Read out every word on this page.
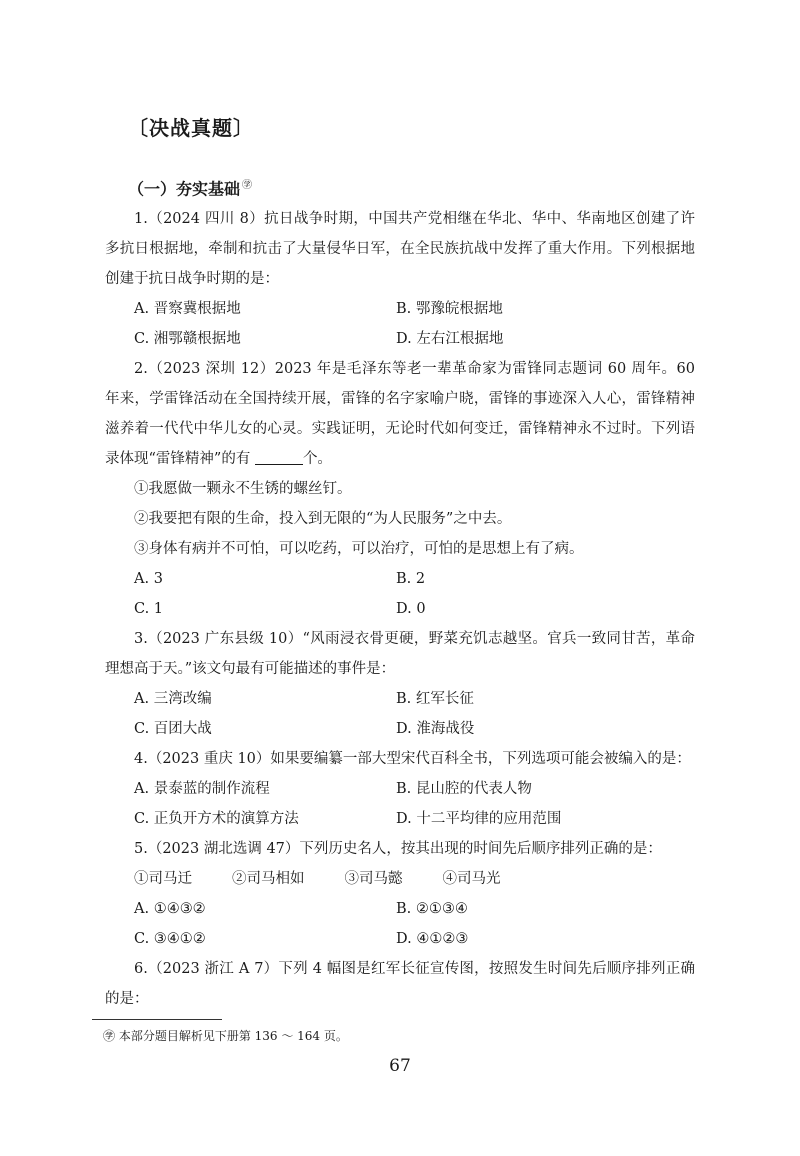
〔决战真题〕
（一）夯实基础 ㊫

1.（2024 四川 8）抗日战争时期，中国共产党相继在华北、华中、华南地区创建了许多抗日根据地，牵制和抗击了大量侵华日军，在全民族抗战中发挥了重大作用。下列根据地创建于抗日战争时期的是：

A. 晋察冀根据地	B. 鄂豫皖根据地
C. 湘鄂赣根据地	D. 左右江根据地

2.（2023 深圳 12）2023 年是毛泽东等老一辈革命家为雷锋同志题词 60 周年。60 年来，学雷锋活动在全国持续开展，雷锋的名字家喻户晓，雷锋的事迹深入人心，雷锋精神滋养着一代代中华儿女的心灵。实践证明，无论时代如何变迁，雷锋精神永不过时。下列语录体现“雷锋精神”的有	个。

①我愿做一颗永不生锈的螺丝钉。

②我要把有限的生命，投入到无限的“为人民服务”之中去。

③身体有病并不可怕，可以吃药，可以治疗，可怕的是思想上有了病。

A. 3	B. 2
C. 1	D. 0

3.（2023 广东县级 10）“风雨浸衣骨更硬，野菜充饥志越坚。官兵一致同甘苦，革命理想高于天。”该文句最有可能描述的事件是：

A. 三湾改编	B. 红军长征
C. 百团大战	D. 淮海战役

4.（2023 重庆 10）如果要编纂一部大型宋代百科全书，下列选项可能会被编入的是：

A. 景泰蓝的制作流程	B. 昆山腔的代表人物
C. 正负开方术的演算方法	D. 十二平均律的应用范围

5.（2023 湖北选调 47）下列历史名人，按其出现的时间先后顺序排列正确的是：

①司马迁	②司马相如	③司马懿	④司马光
A. ①④③②	B. ②①③④
C. ③④①②	D. ④①②③

6.（2023 浙江 A 7）下列 4 幅图是红军长征宣传图，按照发生时间先后顺序排列正确的是：

㊫ 本部分题目解析见下册第 136 ～ 164 页。
67
